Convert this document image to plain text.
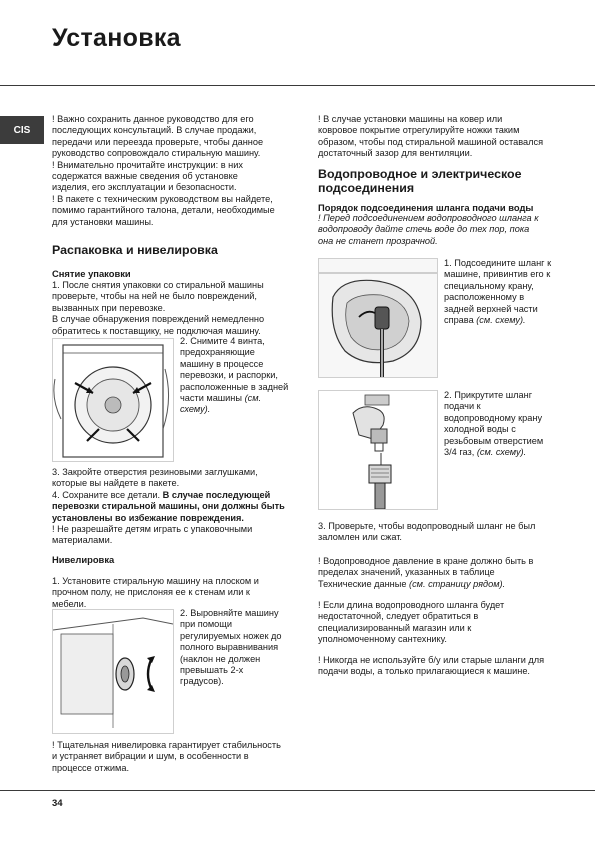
Установка
CIS

! Важно сохранить данное руководство для его

последующих консультаций. В случае продажи,

передачи или переезда проверьте, чтобы данное

руководство сопровождало стиральную машину.

! Внимательно прочитайте инструкции: в них

содержатся важные сведения об установке

изделия, его эксплуатации и безопасности.

! В пакете с техническим руководством вы найдете,

помимо гарантийного талона, детали, необходимые

для установки машины.

Распаковка и нивелировка
Снятие упаковки

1. После снятия упаковки со стиральной машины

проверьте, чтобы на ней не было повреждений,

вызванных при перевозке.

В случае обнаружения повреждений немедленно

обратитесь к поставщику, не подключая машину.

2. Снимите 4 винта,

предохраняющие

машину в процессе

перевозки, и распорки,

расположенные в задней

части машины (см.

схему).

3. Закройте отверстия резиновыми заглушками,

которые вы найдете в пакете.

4. Сохраните все детали. В случае последующей

перевозки стиральной машины, они должны быть

установлены во избежание повреждения.

! Не разрешайте детям играть с упаковочными

материалами.

Нивелировка

1. Установите стиральную машину на плоском и

прочном полу, не прислоняя ее к стенам или к

мебели.

2. Выровняйте машину

при помощи

регулируемых ножек до

полного выравнивания

(наклон не должен

превышать 2-х

градусов).

! Тщательная нивелировка гарантирует стабильность

и устраняет вибрации и шум, в особенности в

процессе отжима.

! В случае установки машины на ковер или

ковровое покрытие отрегулируйте ножки таким

образом, чтобы под стиральной машиной оставался

достаточный зазор для вентиляции.

Водопроводное и электрическое
подсоединения
Порядок подсоединения шланга подачи воды

! Перед подсоединением водопроводного шланга к

водопроводу дайте стечь воде до тех пор, пока

она не станет прозрачной.

1. Подсоедините шланг к

машине, привинтив его к

специальному крану,

расположенному в

задней верхней части

справа (см. схему).

2. Прикрутите шланг

подачи к

водопроводному крану

холодной воды с

резьбовым отверстием

3/4 газ, (см. схему).

3. Проверьте, чтобы водопроводный шланг не был

заломлен или сжат.

! Водопроводное давление в кране должно быть в

пределах значений, указанных в таблице

Технические данные (см. страницу рядом).

! Если длина водопроводного шланга будет

недостаточной, следует обратиться в

специализированный магазин или к

уполномоченному сантехнику.

! Никогда не используйте б/у или старые шланги для

подачи воды, а только прилагающиеся к машине.

34
